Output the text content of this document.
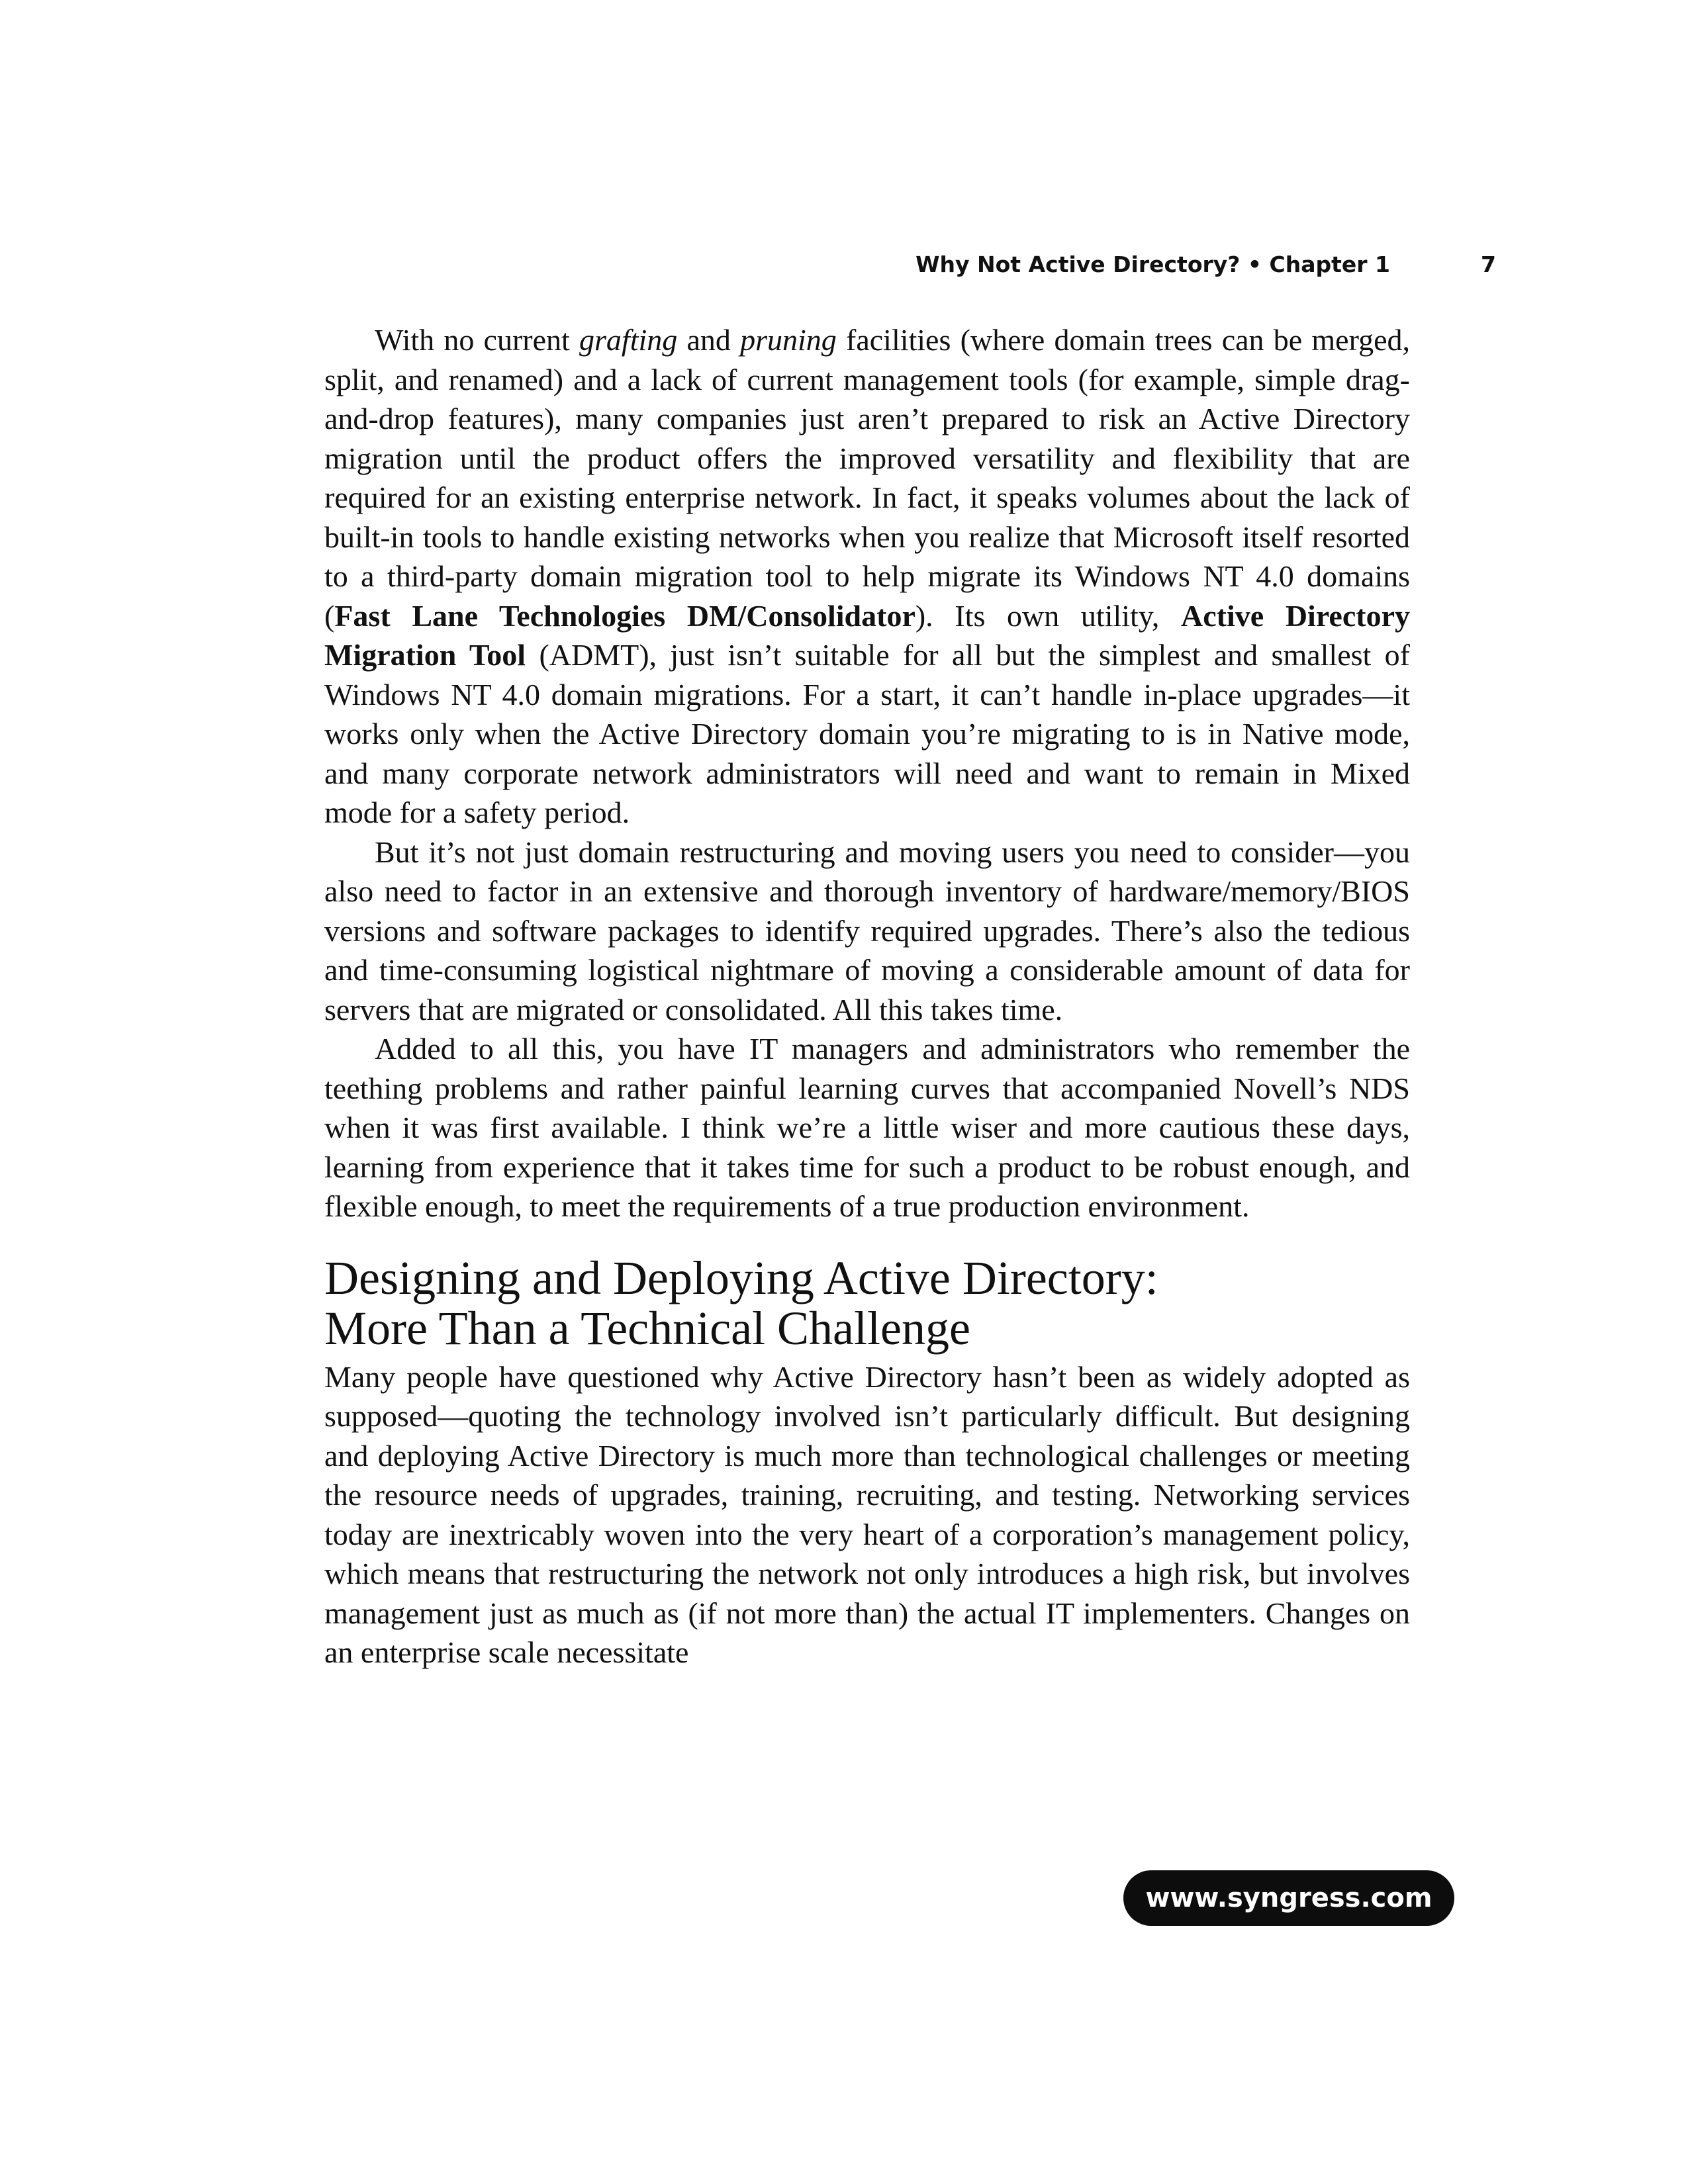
Why Not Active Directory? • Chapter 1	7

With no current grafting and pruning facilities (where domain trees can be merged, split, and renamed) and a lack of current management tools (for example, simple drag-and-drop features), many companies just aren’t prepared to risk an Active Directory migration until the product offers the improved versatility and flexibility that are required for an existing enterprise network. In fact, it speaks volumes about the lack of built-in tools to handle existing networks when you realize that Microsoft itself resorted to a third-party domain migration tool to help migrate its Windows NT 4.0 domains (Fast Lane Technologies DM/​Consolidator). Its own utility, Active Directory Migration Tool (ADMT), just isn’t suitable for all but the simplest and smallest of Windows NT 4.0 domain migrations. For a start, it can’t handle in-place upgrades—it works only when the Active Directory domain you’re migrating to is in Native mode, and many corporate network administrators will need and want to remain in Mixed mode for a safety period.

But it’s not just domain restructuring and moving users you need to consider—you also need to factor in an extensive and thorough inventory of hardware/memory/BIOS versions and software packages to identify required upgrades. There’s also the tedious and time-consuming logistical nightmare of moving a considerable amount of data for servers that are migrated or consolidated. All this takes time.

Added to all this, you have IT managers and administrators who remember the teething problems and rather painful learning curves that accompanied Novell’s NDS when it was first available. I think we’re a little wiser and more cautious these days, learning from experience that it takes time for such a product to be robust enough, and flexible enough, to meet the requirements of a true production environment.

Designing and Deploying Active Directory:
More Than a Technical Challenge

Many people have questioned why Active Directory hasn’t been as widely adopted as supposed—quoting the technology involved isn’t particularly difficult. But designing and deploying Active Directory is much more than technological challenges or meeting the resource needs of upgrades, training, recruiting, and testing. Networking services today are inextricably woven into the very heart of a corporation’s management policy, which means that restructuring the network not only introduces a high risk, but involves management just as much as (if not more than) the actual IT implementers. Changes on an enterprise scale necessitate

www.syngress.com
